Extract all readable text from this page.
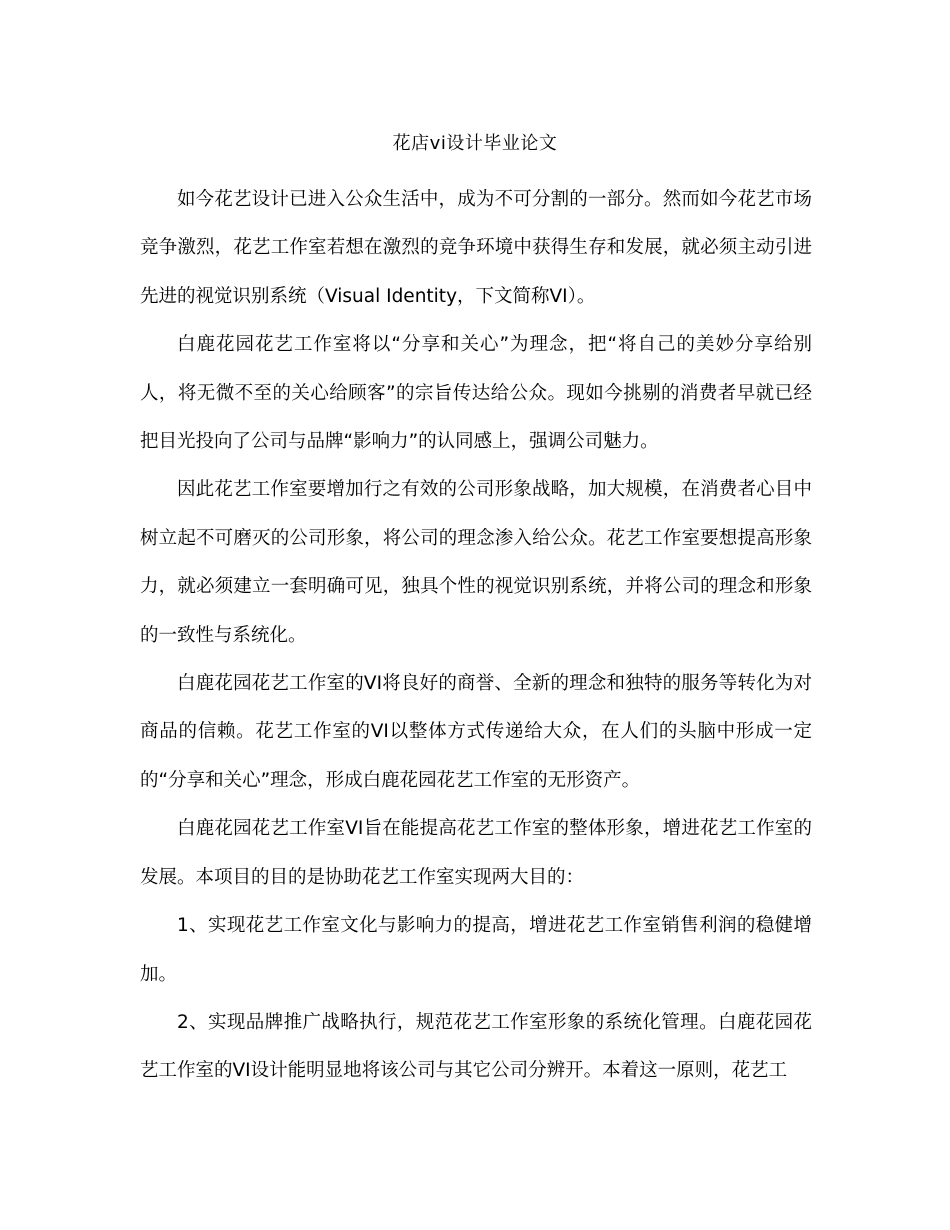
花店vi设计毕业论文

如今花艺设计已进入公众生活中，成为不可分割的一部分。然而如今花艺市场竞争激烈，花艺工作室若想在激烈的竞争环境中获得生存和发展，就必须主动引进先进的视觉识别系统（Visual Identity，下文简称VI）。

白鹿花园花艺工作室将以“分享和关心”为理念，把“将自己的美妙分享给别人，将无微不至的关心给顾客”的宗旨传达给公众。现如今挑剔的消费者早就已经把目光投向了公司与品牌“影响力”的认同感上，强调公司魅力。

因此花艺工作室要增加行之有效的公司形象战略，加大规模，在消费者心目中树立起不可磨灭的公司形象，将公司的理念渗入给公众。花艺工作室要想提高形象力，就必须建立一套明确可见，独具个性的视觉识别系统，并将公司的理念和形象的一致性与系统化。

白鹿花园花艺工作室的VI将良好的商誉、全新的理念和独特的服务等转化为对商品的信赖。花艺工作室的VI以整体方式传递给大众，在人们的头脑中形成一定的“分享和关心”理念，形成白鹿花园花艺工作室的无形资产。

白鹿花园花艺工作室VI旨在能提高花艺工作室的整体形象，增进花艺工作室的发展。本项目的目的是协助花艺工作室实现两大目的：

1、实现花艺工作室文化与影响力的提高，增进花艺工作室销售利润的稳健增加。

2、实现品牌推广战略执行，规范花艺工作室形象的系统化管理。白鹿花园花艺工作室的VI设计能明显地将该公司与其它公司分辨开。本着这一原则，花艺工
